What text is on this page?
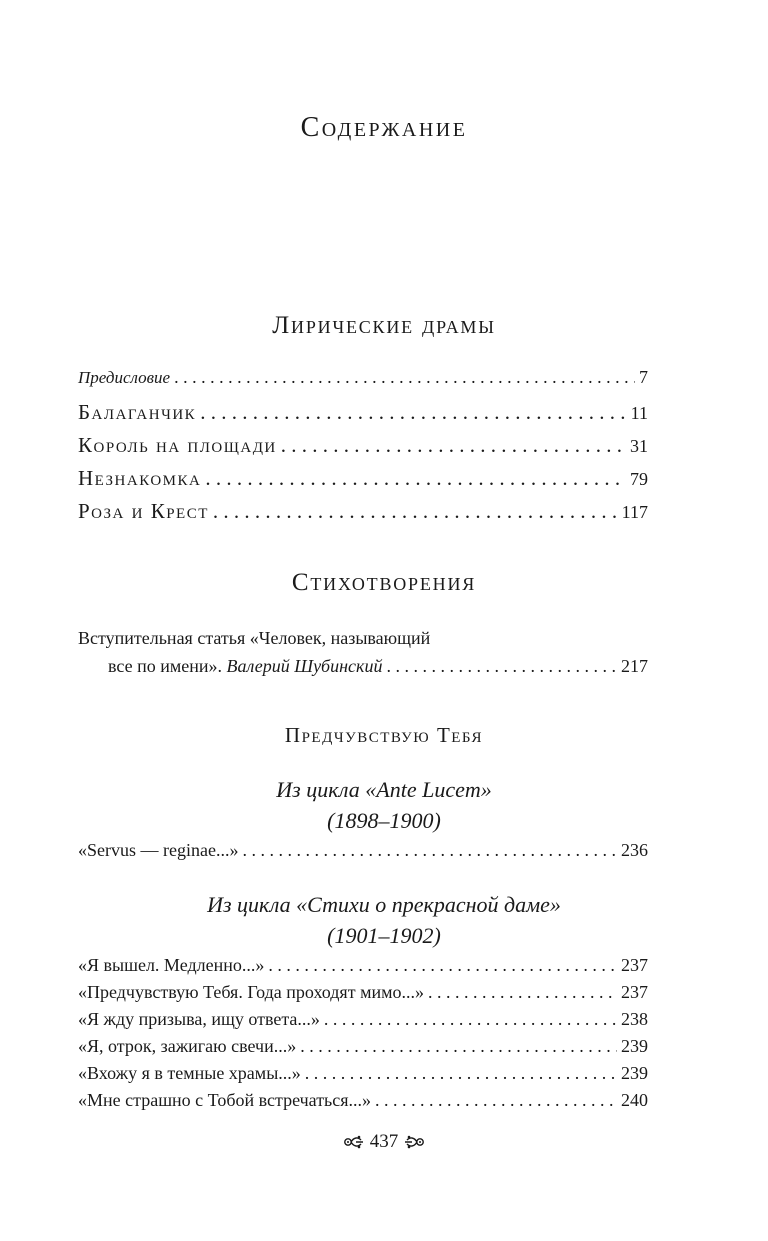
Содержание
Лирические драмы
Предисловие . . .	7
Балаганчик . . .	11
Король на площади . . .	31
Незнакомка . . .	79
Роза и Крест . . .	117
Стихотворения
Вступительная статья «Человек, называющий
все по имени». Валерий Шубинский . . .	217
Предчувствую Тебя
Из цикла «Ante Lucem»
(1898–1900)
«Servus — reginae...» . . .	236
Из цикла «Стихи о прекрасной даме»
(1901–1902)
«Я вышел. Медленно...» . . .	237
«Предчувствую Тебя. Года проходят мимо...» . . .	237
«Я жду призыва, ищу ответа...» . . .	238
«Я, отрок, зажигаю свечи...» . . .	239
«Вхожу я в темные храмы...» . . .	239
«Мне страшно с Тобой встречаться...» . . .	240
437
